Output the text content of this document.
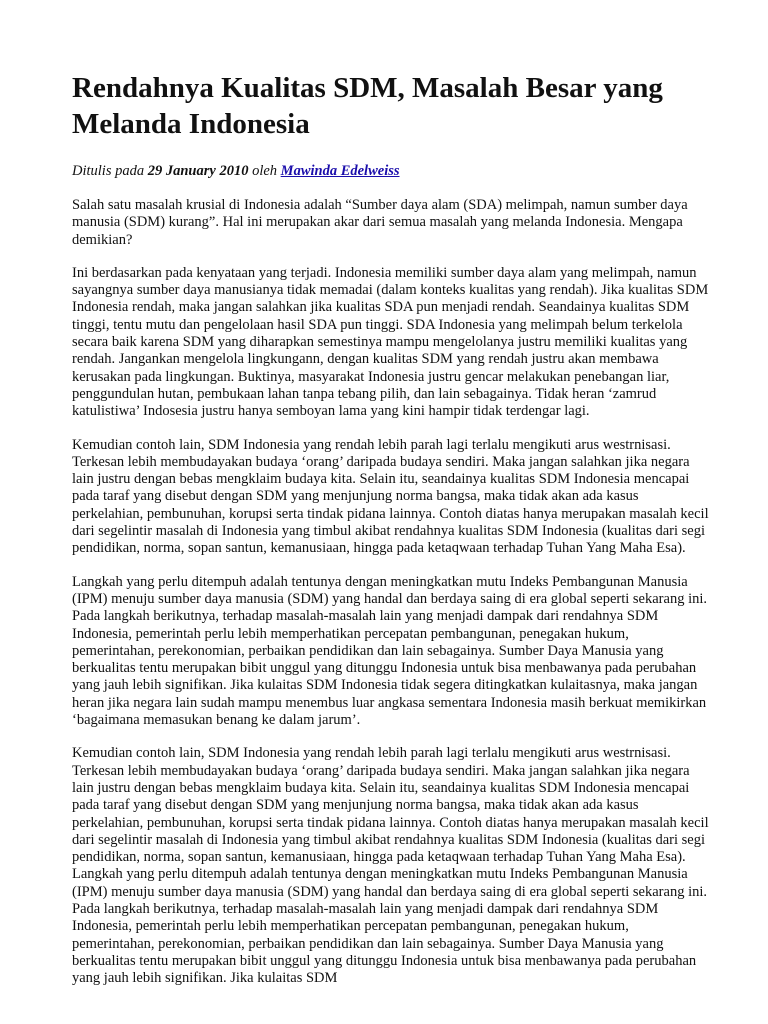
Rendahnya Kualitas SDM, Masalah Besar yang Melanda Indonesia
Ditulis pada 29 January 2010 oleh Mawinda Edelweiss

Salah satu masalah krusial di Indonesia adalah “Sumber daya alam (SDA) melimpah, namun sumber daya manusia (SDM) kurang”. Hal ini merupakan akar dari semua masalah yang melanda Indonesia. Mengapa demikian?

Ini berdasarkan pada kenyataan yang terjadi. Indonesia memiliki sumber daya alam yang melimpah, namun sayangnya sumber daya manusianya tidak memadai (dalam konteks kualitas yang rendah). Jika kualitas SDM Indonesia rendah, maka jangan salahkan jika kualitas SDA pun menjadi rendah. Seandainya kualitas SDM tinggi, tentu mutu dan pengelolaan hasil SDA pun tinggi. SDA Indonesia yang melimpah belum terkelola secara baik karena SDM yang diharapkan semestinya mampu mengelolanya justru memiliki kualitas yang rendah. Jangankan mengelola lingkungann, dengan kualitas SDM yang rendah justru akan membawa kerusakan pada lingkungan. Buktinya, masyarakat Indonesia justru gencar melakukan penebangan liar, penggundulan hutan, pembukaan lahan tanpa tebang pilih, dan lain sebagainya. Tidak heran ‘zamrud katulistiwa’ Indosesia justru hanya semboyan lama yang kini hampir tidak terdengar lagi.

Kemudian contoh lain, SDM Indonesia yang rendah lebih parah lagi terlalu mengikuti arus westrnisasi. Terkesan lebih membudayakan budaya ‘orang’ daripada budaya sendiri. Maka jangan salahkan jika negara lain justru dengan bebas mengklaim budaya kita. Selain itu, seandainya kualitas SDM Indonesia mencapai pada taraf yang disebut dengan SDM yang menjunjung norma bangsa, maka tidak akan ada kasus perkelahian, pembunuhan, korupsi serta tindak pidana lainnya. Contoh diatas hanya merupakan masalah kecil dari segelintir masalah di Indonesia yang timbul akibat rendahnya kualitas SDM Indonesia (kualitas dari segi pendidikan, norma, sopan santun, kemanusiaan, hingga pada ketaqwaan terhadap Tuhan Yang Maha Esa).

Langkah yang perlu ditempuh adalah tentunya dengan meningkatkan mutu Indeks Pembangunan Manusia (IPM) menuju sumber daya manusia (SDM) yang handal dan berdaya saing di era global seperti sekarang ini. Pada langkah berikutnya, terhadap masalah-masalah lain yang menjadi dampak dari rendahnya SDM Indonesia, pemerintah perlu lebih memperhatikan percepatan pembangunan, penegakan hukum, pemerintahan, perekonomian, perbaikan pendidikan dan lain sebagainya. Sumber Daya Manusia yang berkualitas tentu merupakan bibit unggul yang ditunggu Indonesia untuk bisa menbawanya pada perubahan yang jauh lebih signifikan. Jika kulaitas SDM Indonesia tidak segera ditingkatkan kulaitasnya, maka jangan heran jika negara lain sudah mampu menembus luar angkasa sementara Indonesia masih berkuat memikirkan ‘bagaimana memasukan benang ke dalam jarum’.

Kemudian contoh lain, SDM Indonesia yang rendah lebih parah lagi terlalu mengikuti arus westrnisasi. Terkesan lebih membudayakan budaya ‘orang’ daripada budaya sendiri. Maka jangan salahkan jika negara lain justru dengan bebas mengklaim budaya kita. Selain itu, seandainya kualitas SDM Indonesia mencapai pada taraf yang disebut dengan SDM yang menjunjung norma bangsa, maka tidak akan ada kasus perkelahian, pembunuhan, korupsi serta tindak pidana lainnya. Contoh diatas hanya merupakan masalah kecil dari segelintir masalah di Indonesia yang timbul akibat rendahnya kualitas SDM Indonesia (kualitas dari segi pendidikan, norma, sopan santun, kemanusiaan, hingga pada ketaqwaan terhadap Tuhan Yang Maha Esa). Langkah yang perlu ditempuh adalah tentunya dengan meningkatkan mutu Indeks Pembangunan Manusia (IPM) menuju sumber daya manusia (SDM) yang handal dan berdaya saing di era global seperti sekarang ini. Pada langkah berikutnya, terhadap masalah-masalah lain yang menjadi dampak dari rendahnya SDM Indonesia, pemerintah perlu lebih memperhatikan percepatan pembangunan, penegakan hukum, pemerintahan, perekonomian, perbaikan pendidikan dan lain sebagainya. Sumber Daya Manusia yang berkualitas tentu merupakan bibit unggul yang ditunggu Indonesia untuk bisa menbawanya pada perubahan yang jauh lebih signifikan. Jika kulaitas SDM
